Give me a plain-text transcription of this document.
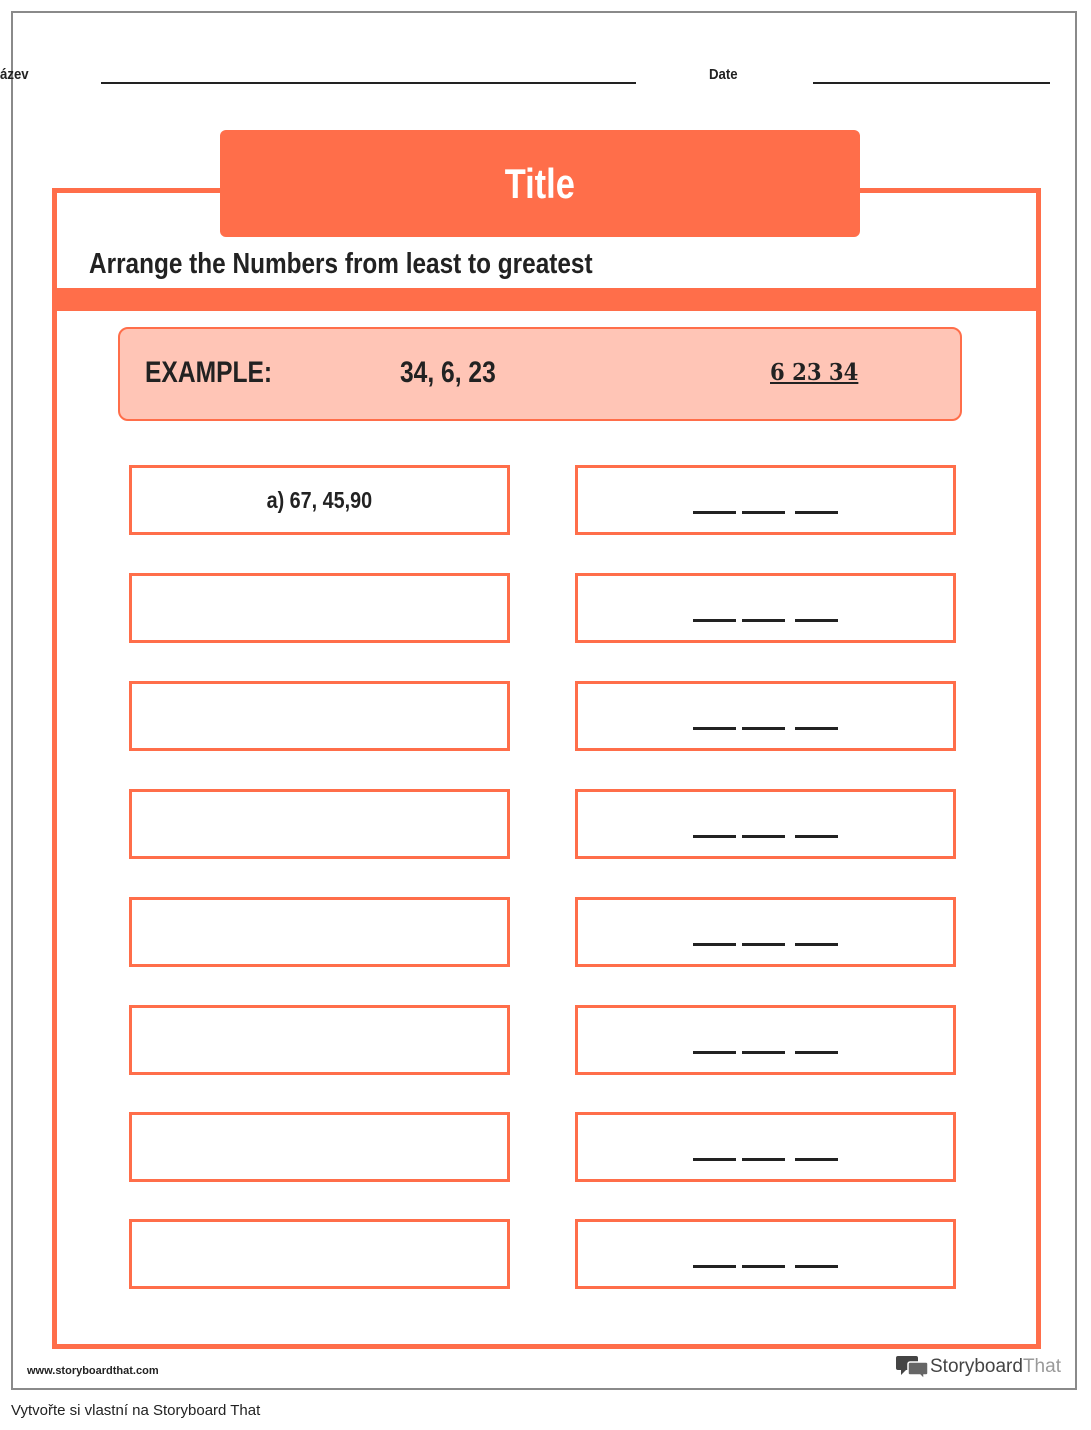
ázev	Date
Title
Arrange the Numbers from least to greatest
EXAMPLE:	34, 6, 23	6 23 34
a) 67, 45,90
www.storyboardthat.com	StoryboardThat
Vytvořte si vlastní na Storyboard That
